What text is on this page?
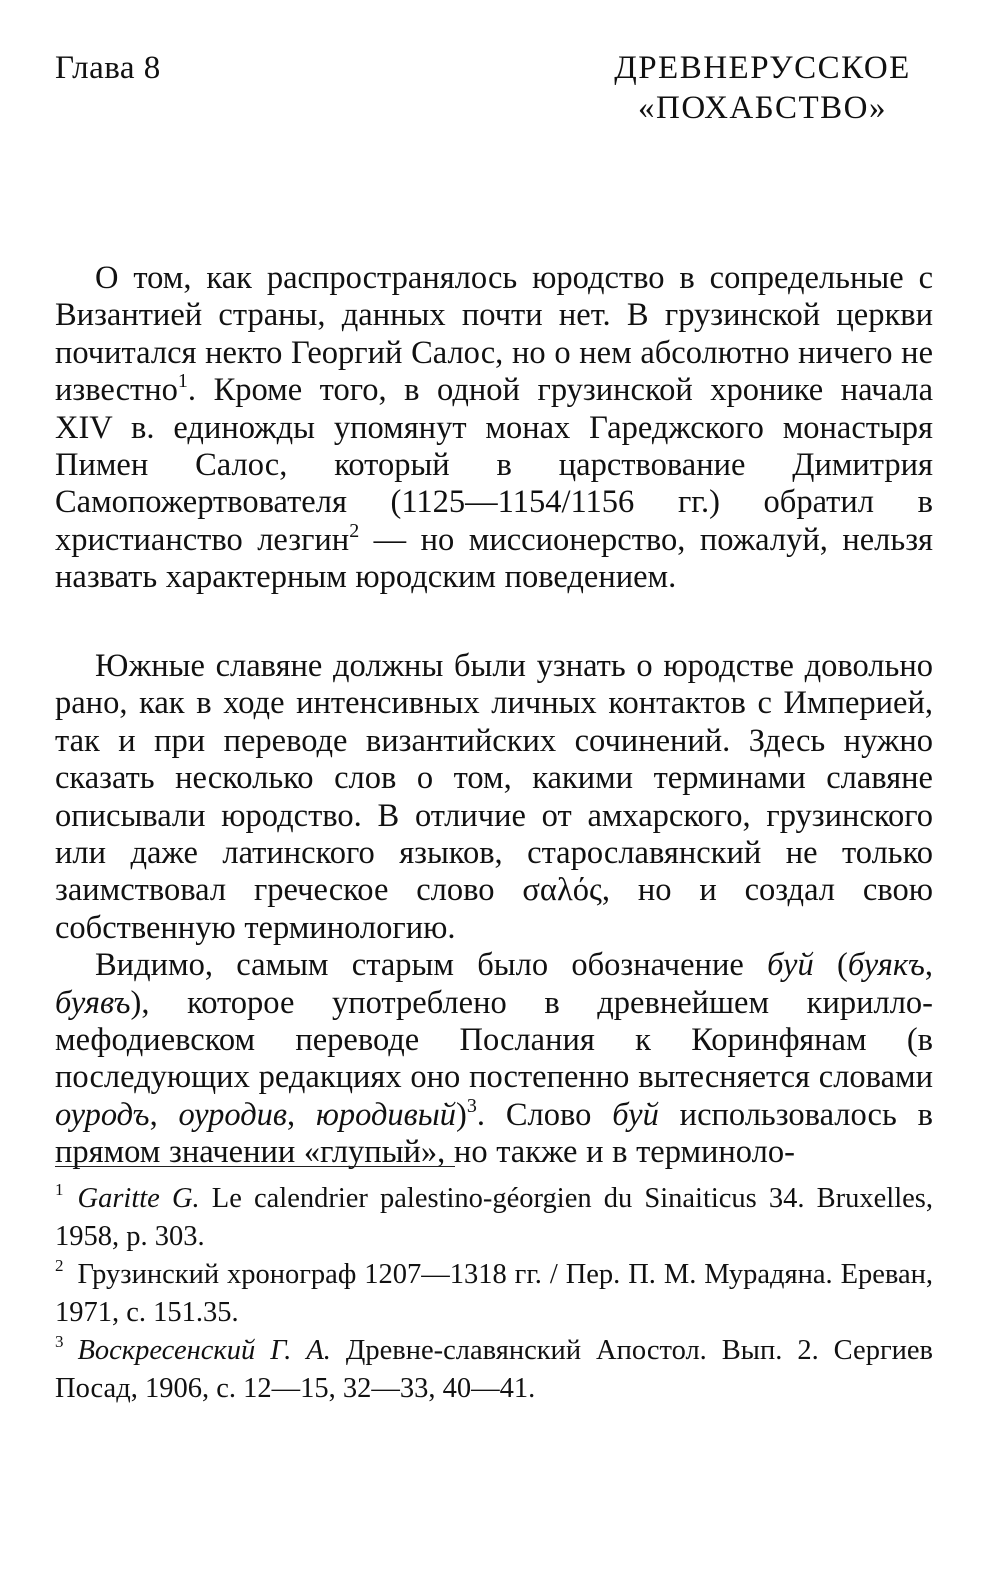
Глава 8	ДРЕВНЕРУССКОЕ
«ПОХАБСТВО»

О том, как распространялось юродство в сопредельные с Византией страны, данных почти нет. В грузинской церкви почитался некто Георгий Салос, но о нем абсолютно ничего не известно$^1$. Кроме того, в одной грузинской хронике начала XIV в. единожды упомянут монах Гареджского монастыря Пимен Салос, который в царствование Димитрия Самопожертвователя (1125—1154/1156 гг.) обратил в христианство лезгин$^2$ — но миссионерство, пожалуй, нельзя назвать характерным юродским поведением.

Южные славяне должны были узнать о юродстве довольно рано, как в ходе интенсивных личных контактов с Империей, так и при переводе византийских сочинений. Здесь нужно сказать несколько слов о том, какими терминами славяне описывали юродство. В отличие от амхарского, грузинского или даже латинского языков, старославянский не только заимствовал греческое слово σαλός, но и создал свою собственную терминологию.

Видимо, самым старым было обозначение буй (буякъ, буявъ), которое употреблено в древнейшем кирилло-мефодиевском переводе Послания к Коринфянам (в последующих редакциях оно постепенно вытесняется словами оуродъ, оуродив, юродивый)$^3$. Слово буй использовалось в прямом значении «глупый», но также и в терминоло-

$^1$ Garitte G. Le calendrier palestino-géorgien du Sinaiticus 34. Bruxelles, 1958, p. 303.

$^2$ Грузинский хронограф 1207—1318 гг. / Пер. П. М. Мурадяна. Ереван, 1971, с. 151.35.

$^3$ Воскресенский Г. А. Древне-славянский Апостол. Вып. 2. Сергиев Посад, 1906, с. 12—15, 32—33, 40—41.
